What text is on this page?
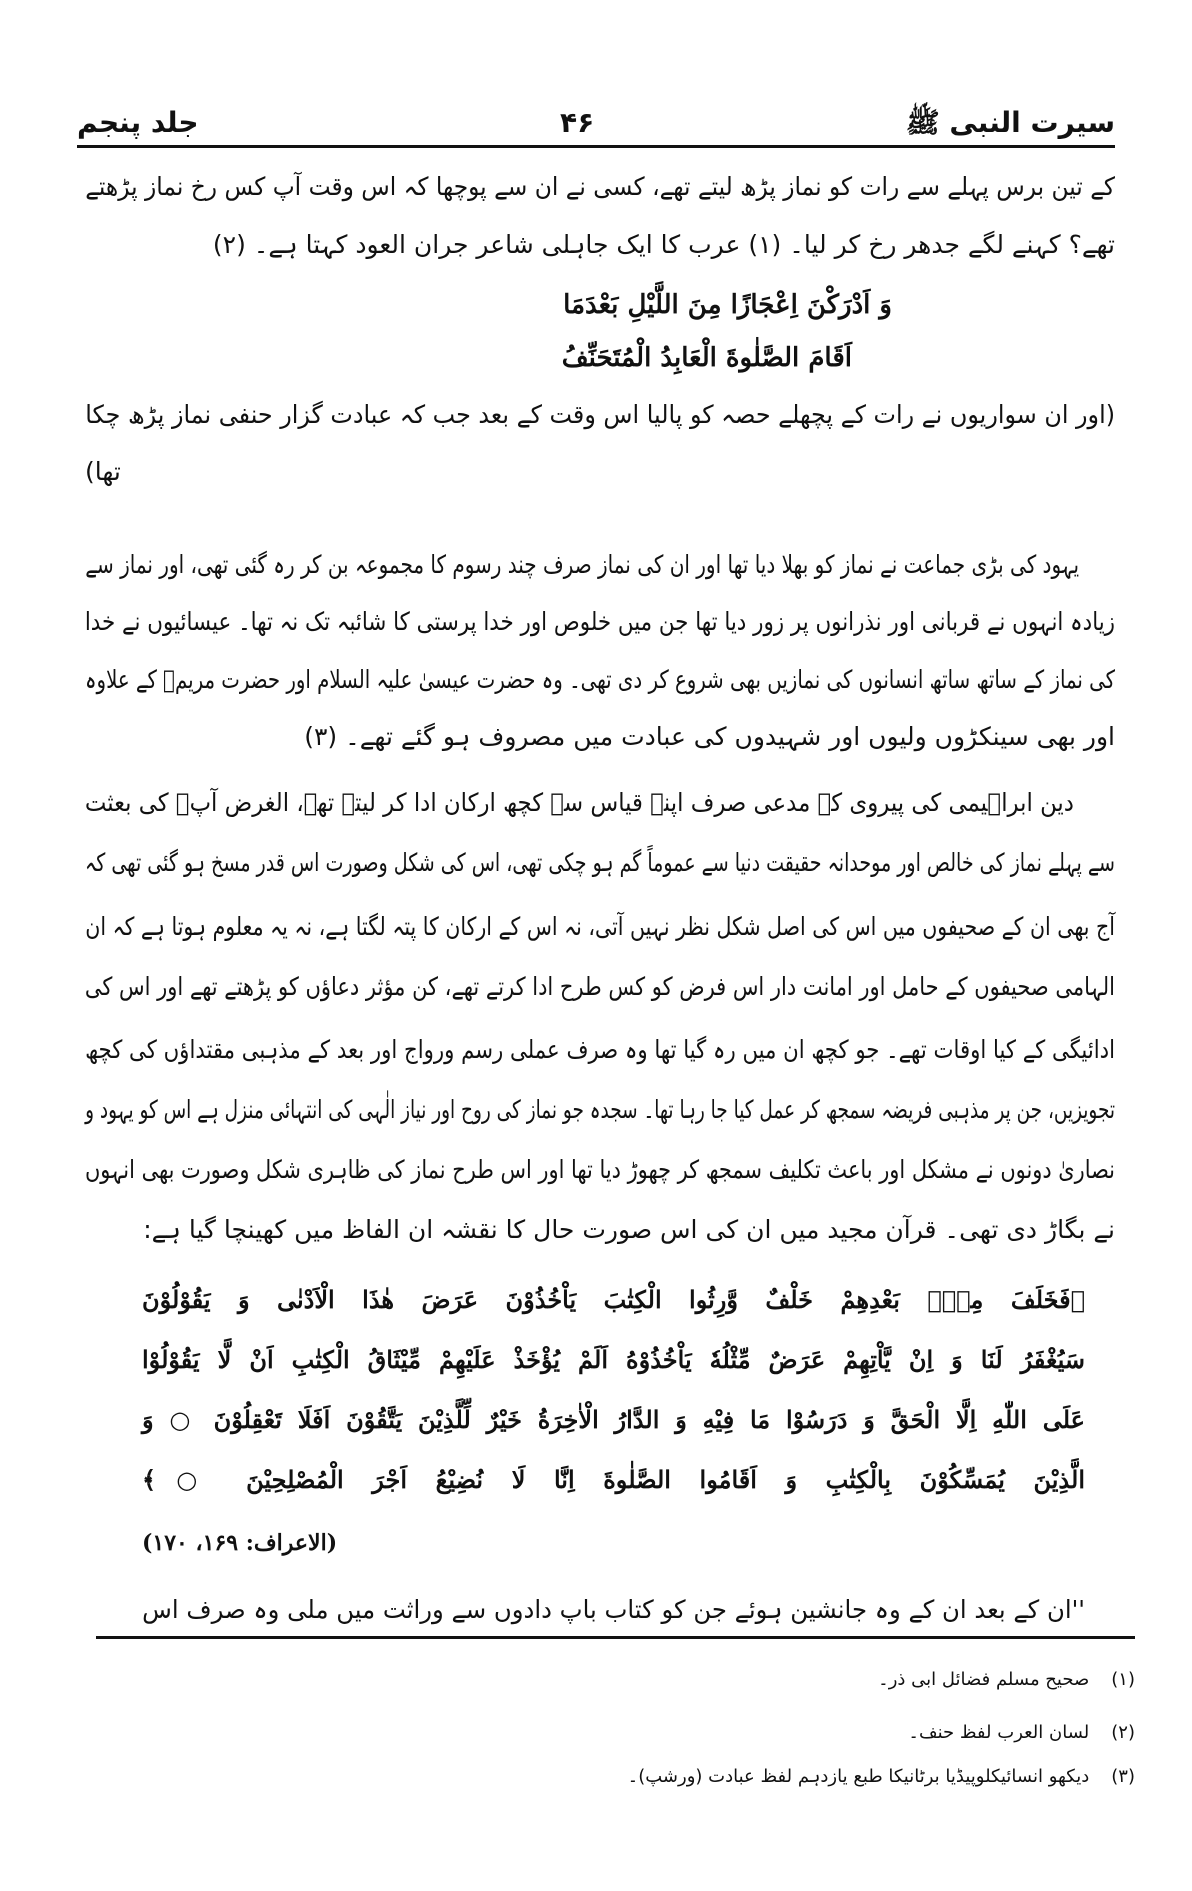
سیرت النبی ﷺ
۴۶
جلد پنجم
کے تین برس پہلے سے رات کو نماز پڑھ لیتے تھے، کسی نے ان سے پوچھا کہ اس وقت آپ کس رخ نماز پڑھتے
تھے؟ کہنے لگے جدھر رخ کر لیا۔ (۱) عرب کا ایک جاہلی شاعر جران العود کہتا ہے۔ (۲)
وَ اَدْرَكْنَ اِعْجَازًا مِنَ اللَّيْلِ بَعْدَمَا
اَقَامَ الصَّلٰوةَ الْعَابِدُ الْمُتَحَنِّفُ
(اور ان سواریوں نے رات کے پچھلے حصہ کو پالیا اس وقت کے بعد جب کہ عبادت گزار حنفی نماز پڑھ چکا
تھا)
یہود کی بڑی جماعت نے نماز کو بھلا دیا تھا اور ان کی نماز صرف چند رسوم کا مجموعہ بن کر رہ گئی تھی، اور نماز سے
زیادہ انہوں نے قربانی اور نذرانوں پر زور دیا تھا جن میں خلوص اور خدا پرستی کا شائبہ تک نہ تھا۔ عیسائیوں نے خدا
کی نماز کے ساتھ ساتھ انسانوں کی نمازیں بھی شروع کر دی تھی۔ وہ حضرت عیسیٰ علیہ السلام اور حضرت مریمؑ کے علاوہ
اور بھی سینکڑوں ولیوں اور شہیدوں کی عبادت میں مصروف ہو گئے تھے۔ (۳)
دین ابراہیمی کی پیروی کے مدعی صرف اپنے قیاس سے کچھ ارکان ادا کر لیتے تھے، الغرض آپؐ کی بعثت
سے پہلے نماز کی خالص اور موحدانہ حقیقت دنیا سے عموماً گم ہو چکی تھی، اس کی شکل وصورت اس قدر مسخ ہو گئی تھی کہ
آج بھی ان کے صحیفوں میں اس کی اصل شکل نظر نہیں آتی، نہ اس کے ارکان کا پتہ لگتا ہے، نہ یہ معلوم ہوتا ہے کہ ان
الہامی صحیفوں کے حامل اور امانت دار اس فرض کو کس طرح ادا کرتے تھے، کن مؤثر دعاؤں کو پڑھتے تھے اور اس کی
ادائیگی کے کیا اوقات تھے۔ جو کچھ ان میں رہ گیا تھا وہ صرف عملی رسم ورواج اور بعد کے مذہبی مقتداؤں کی کچھ
تجویزیں، جن پر مذہبی فریضہ سمجھ کر عمل کیا جا رہا تھا۔ سجدہ جو نماز کی روح اور نیاز الٰہی کی انتہائی منزل ہے اس کو یہود و
نصاریٰ دونوں نے مشکل اور باعث تکلیف سمجھ کر چھوڑ دیا تھا اور اس طرح نماز کی ظاہری شکل وصورت بھی انہوں
نے بگاڑ دی تھی۔ قرآن مجید میں ان کی اس صورت حال کا نقشہ ان الفاظ میں کھینچا گیا ہے:
﴿فَخَلَفَ مِنْۢ بَعْدِهِمْ خَلْفٌ وَّرِثُوا الْكِتٰبَ يَاْخُذُوْنَ عَرَضَ هٰذَا الْاَدْنٰى وَ يَقُوْلُوْنَ
سَيُغْفَرُ لَنَا وَ اِنْ يَّاْتِهِمْ عَرَضٌ مِّثْلُهٗ يَاْخُذُوْهُ اَلَمْ يُؤْخَذْ عَلَيْهِمْ مِّيْثَاقُ الْكِتٰبِ اَنْ لَّا يَقُوْلُوْا
عَلَى اللّٰهِ اِلَّا الْحَقَّ وَ دَرَسُوْا مَا فِيْهِ وَ الدَّارُ الْاٰخِرَةُ خَيْرٌ لِّلَّذِيْنَ يَتَّقُوْنَ اَفَلَا تَعْقِلُوْنَ ○ وَ
الَّذِيْنَ يُمَسِّكُوْنَ بِالْكِتٰبِ وَ اَقَامُوا الصَّلٰوةَ اِنَّا لَا نُضِيْعُ اَجْرَ الْمُصْلِحِيْنَ ○﴾
(الاعراف: ۱۶۹، ۱۷۰)
''ان کے بعد ان کے وہ جانشین ہوئے جن کو کتاب باپ دادوں سے وراثت میں ملی وہ صرف اس
(۱)صحیح مسلم فضائل ابی ذر۔
(۲)لسان العرب لفظ حنف۔
(۳)دیکھو انسائیکلوپیڈیا برٹانیکا طبع یازدہم لفظ عبادت (ورشپ)۔
